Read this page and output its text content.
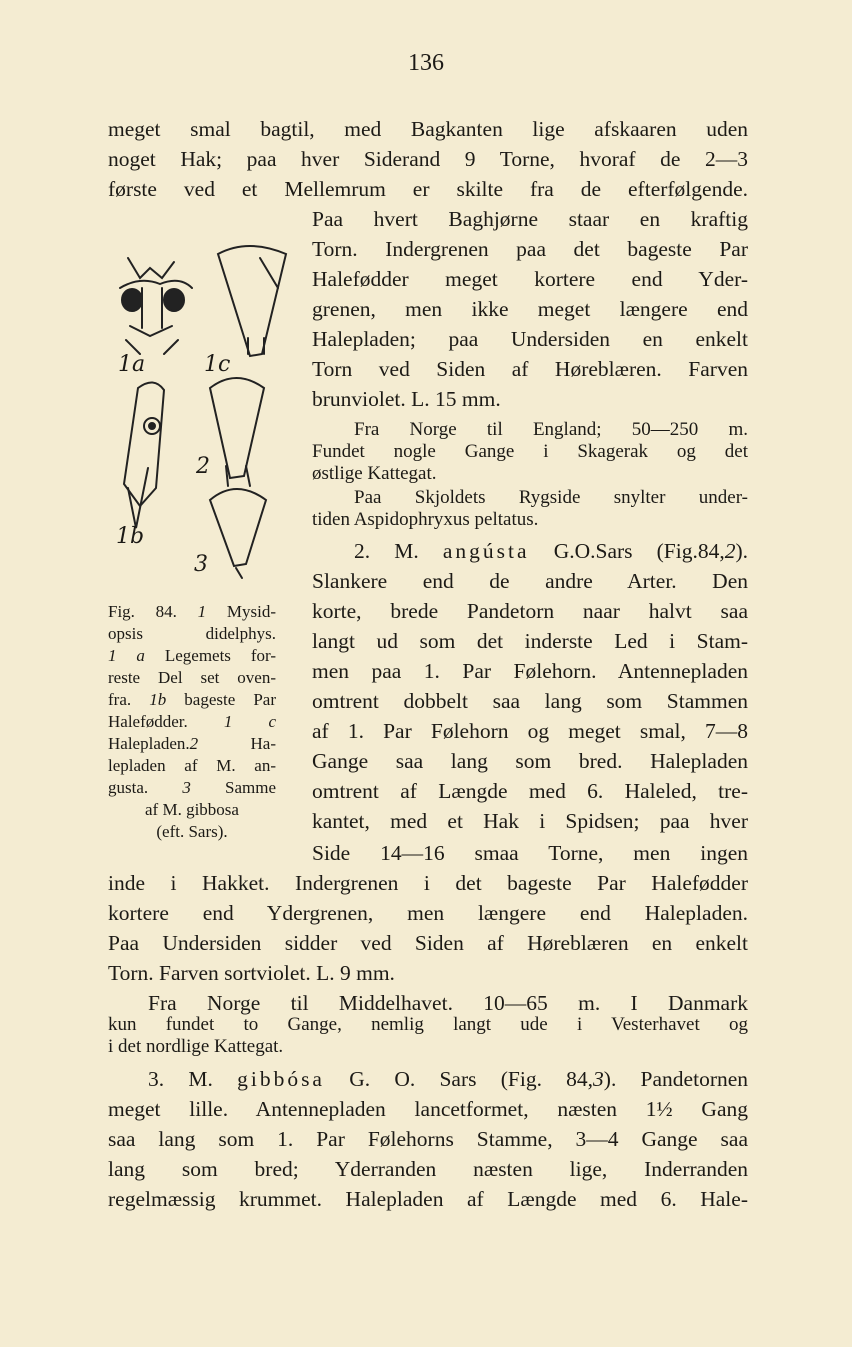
136
meget smal bagtil, med Bagkanten lige afskaaren uden
noget Hak; paa hver Siderand 9 Torne, hvoraf de 2—3
første ved et Mellemrum er skilte fra de efterfølgende.
Paa hvert Baghjørne staar en kraftig
Torn. Indergrenen paa det bageste Par
Halefødder meget kortere end Yder-
grenen, men ikke meget længere end
Halepladen; paa Undersiden en enkelt
Torn ved Siden af Høreblæren. Farven
brunviolet. L. 15 mm.
Fra Norge til England; 50—250 m.
Fundet nogle Gange i Skagerak og det
østlige Kattegat.
Paa Skjoldets Rygside snylter under-
tiden Aspidophryxus peltatus.
2. M. angústa G.O.Sars (Fig.84,2).
Slankere end de andre Arter. Den
korte, brede Pandetorn naar halvt saa
langt ud som det inderste Led i Stam-
men paa 1. Par Følehorn. Antennepladen
omtrent dobbelt saa lang som Stammen
af 1. Par Følehorn og meget smal, 7—8
Gange saa lang som bred. Halepladen
omtrent af Længde med 6. Haleled, tre-
kantet, med et Hak i Spidsen; paa hver
Side 14—16 smaa Torne, men ingen
inde i Hakket. Indergrenen i det bageste Par Halefødder
kortere end Ydergrenen, men længere end Halepladen.
Paa Undersiden sidder ved Siden af Høreblæren en enkelt
Torn. Farven sortviolet. L. 9 mm.
Fra Norge til Middelhavet. 10—65 m. I Danmark
kun fundet to Gange, nemlig langt ude i Vesterhavet og
i det nordlige Kattegat.
3. M. gibbósa G. O. Sars (Fig. 84,3). Pandetornen
meget lille. Antennepladen lancetformet, næsten 1½ Gang
saa lang som 1. Par Følehorns Stamme, 3—4 Gange saa
lang som bred; Yderranden næsten lige, Inderranden
regelmæssig krummet. Halepladen af Længde med 6. Hale-
1a	1c
2
1b
3
Fig. 84. 1 Mysid-
opsis didelphys.
1 a Legemets for-
reste Del set oven-
fra. 1b bageste Par
Halefødder. 1 c
Halepladen.2	Ha-
lepladen af M. an-
gusta. 3 Samme
af M. gibbosa
(eft. Sars).
